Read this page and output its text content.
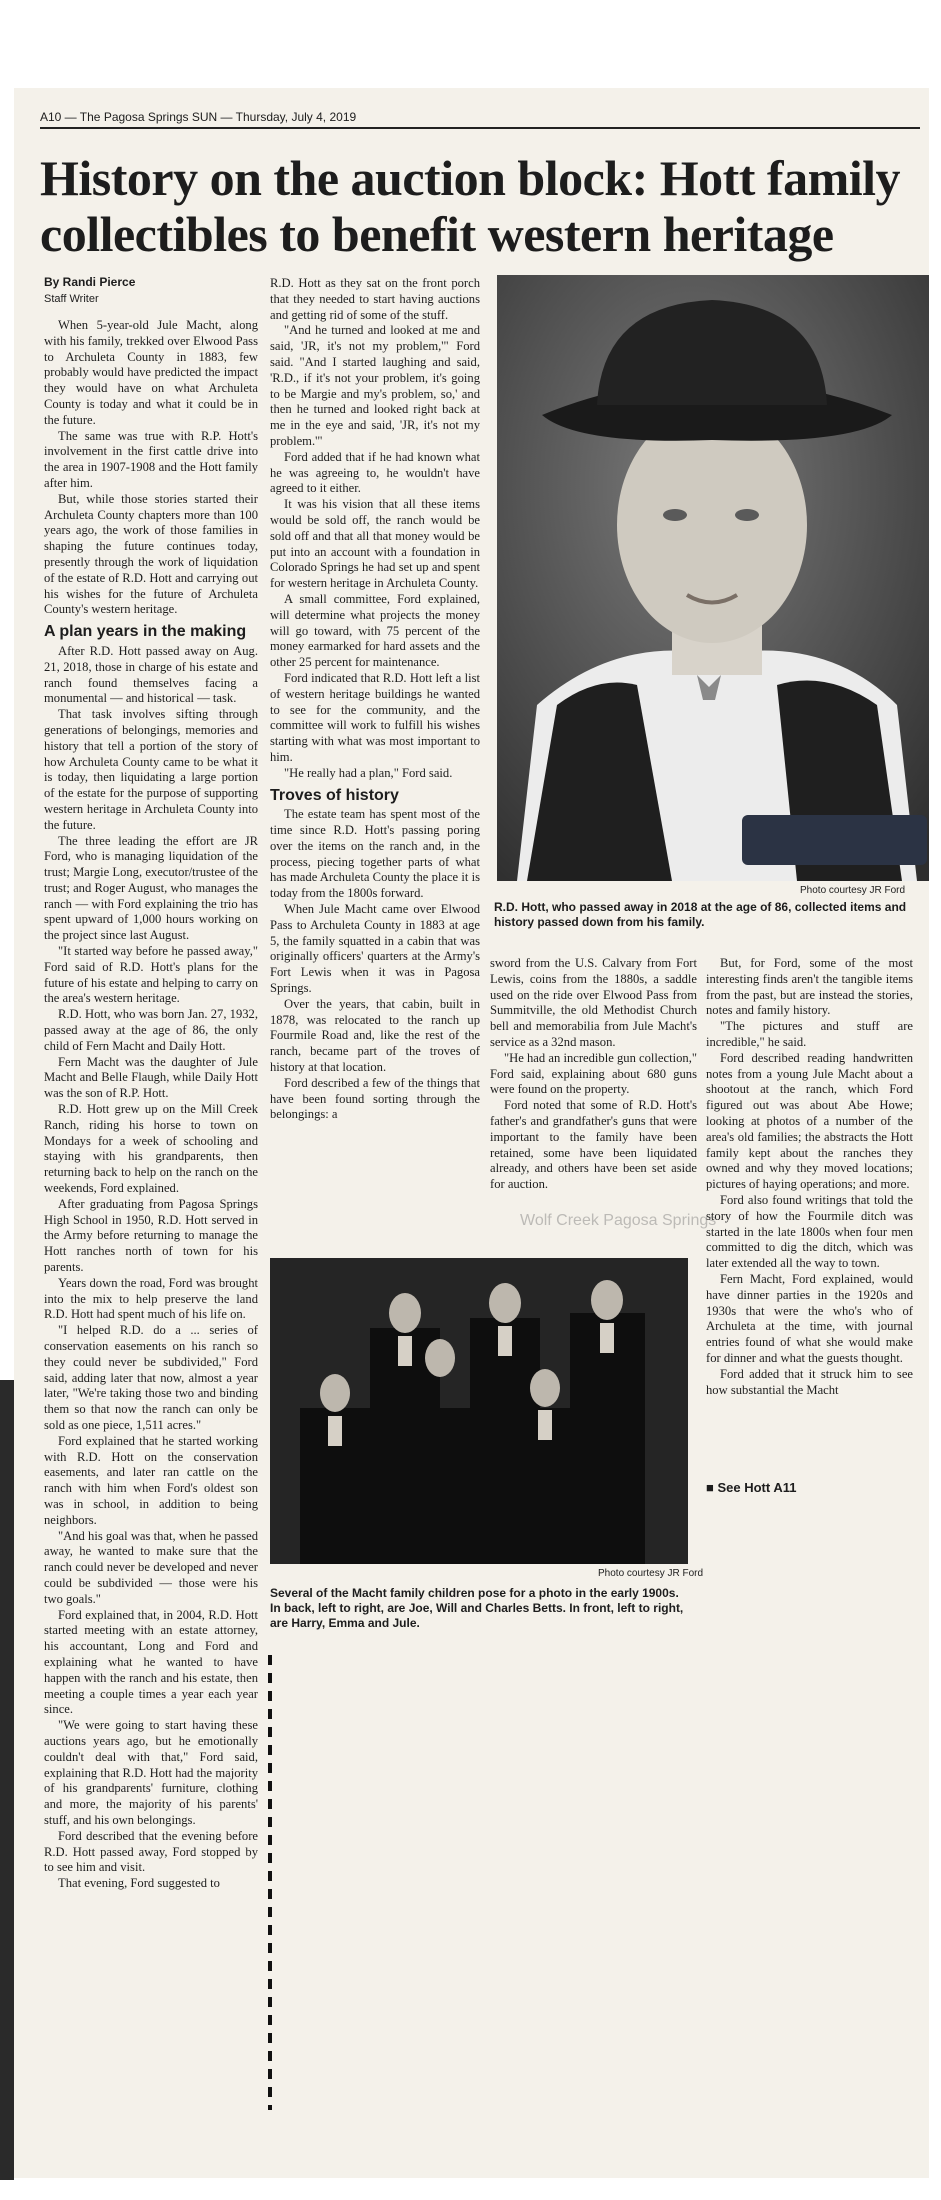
A10 — The Pagosa Springs SUN — Thursday, July 4, 2019
History on the auction block: Hott family collectibles to benefit western heritage
By Randi Pierce
Staff Writer

When 5-year-old Jule Macht, along with his family, trekked over Elwood Pass to Archuleta County in 1883, few probably would have predicted the impact they would have on what Archuleta County is today and what it could be in the future.

The same was true with R.P. Hott's involvement in the first cattle drive into the area in 1907-1908 and the Hott family after him.

But, while those stories started their Archuleta County chapters more than 100 years ago, the work of those families in shaping the future continues today, presently through the work of liquidation of the estate of R.D. Hott and carrying out his wishes for the future of Archuleta County's western heritage.

A plan years in the making

After R.D. Hott passed away on Aug. 21, 2018, those in charge of his estate and ranch found themselves facing a monumental — and historical — task.

That task involves sifting through generations of belongings, memories and history that tell a portion of the story of how Archuleta County came to be what it is today, then liquidating a large portion of the estate for the purpose of supporting western heritage in Archuleta County into the future.

The three leading the effort are JR Ford, who is managing liquidation of the trust; Margie Long, executor/trustee of the trust; and Roger August, who manages the ranch — with Ford explaining the trio has spent upward of 1,000 hours working on the project since last August.

"It started way before he passed away," Ford said of R.D. Hott's plans for the future of his estate and helping to carry on the area's western heritage.

R.D. Hott, who was born Jan. 27, 1932, passed away at the age of 86, the only child of Fern Macht and Daily Hott.

Fern Macht was the daughter of Jule Macht and Belle Flaugh, while Daily Hott was the son of R.P. Hott.

R.D. Hott grew up on the Mill Creek Ranch, riding his horse to town on Mondays for a week of schooling and staying with his grandparents, then returning back to help on the ranch on the weekends, Ford explained.

After graduating from Pagosa Springs High School in 1950, R.D. Hott served in the Army before returning to manage the Hott ranches north of town for his parents.

Years down the road, Ford was brought into the mix to help preserve the land R.D. Hott had spent much of his life on.

"I helped R.D. do a ... series of conservation easements on his ranch so they could never be subdivided," Ford said, adding later that now, almost a year later, "We're taking those two and binding them so that now the ranch can only be sold as one piece, 1,511 acres."

Ford explained that he started working with R.D. Hott on the conservation easements, and later ran cattle on the ranch with him when Ford's oldest son was in school, in addition to being neighbors.

"And his goal was that, when he passed away, he wanted to make sure that the ranch could never be developed and never could be subdivided — those were his two goals."

Ford explained that, in 2004, R.D. Hott started meeting with an estate attorney, his accountant, Long and Ford and explaining what he wanted to have happen with the ranch and his estate, then meeting a couple times a year each year since.

"We were going to start having these auctions years ago, but he emotionally couldn't deal with that," Ford said, explaining that R.D. Hott had the majority of his grandparents' furniture, clothing and more, the majority of his parents' stuff, and his own belongings.

Ford described that the evening before R.D. Hott passed away, Ford stopped by to see him and visit.

That evening, Ford suggested to

R.D. Hott as they sat on the front porch that they needed to start having auctions and getting rid of some of the stuff.

"And he turned and looked at me and said, 'JR, it's not my problem,'" Ford said. "And I started laughing and said, 'R.D., if it's not your problem, it's going to be Margie and my's problem, so,' and then he turned and looked right back at me in the eye and said, 'JR, it's not my problem.'"

Ford added that if he had known what he was agreeing to, he wouldn't have agreed to it either.

It was his vision that all these items would be sold off, the ranch would be sold off and that all that money would be put into an account with a foundation in Colorado Springs he had set up and spent for western heritage in Archuleta County.

A small committee, Ford explained, will determine what projects the money will go toward, with 75 percent of the money earmarked for hard assets and the other 25 percent for maintenance.

Ford indicated that R.D. Hott left a list of western heritage buildings he wanted to see for the community, and the committee will work to fulfill his wishes starting with what was most important to him.

"He really had a plan," Ford said.

Troves of history

The estate team has spent most of the time since R.D. Hott's passing poring over the items on the ranch and, in the process, piecing together parts of what has made Archuleta County the place it is today from the 1800s forward.

When Jule Macht came over Elwood Pass to Archuleta County in 1883 at age 5, the family squatted in a cabin that was originally officers' quarters at the Army's Fort Lewis when it was in Pagosa Springs.

Over the years, that cabin, built in 1878, was relocated to the ranch up Fourmile Road and, like the rest of the ranch, became part of the troves of history at that location.

Ford described a few of the things that have been found sorting through the belongings: a

Photo courtesy JR Ford
R.D. Hott, who passed away in 2018 at the age of 86, collected items and history passed down from his family.

sword from the U.S. Calvary from Fort Lewis, coins from the 1880s, a saddle used on the ride over Elwood Pass from Summitville, the old Methodist Church bell and memorabilia from Jule Macht's service as a 32nd mason.

"He had an incredible gun collection," Ford said, explaining about 680 guns were found on the property.

Ford noted that some of R.D. Hott's father's and grandfather's guns that were important to the family have been retained, some have been liquidated already, and others have been set aside for auction.

But, for Ford, some of the most interesting finds aren't the tangible items from the past, but are instead the stories, notes and family history.

"The pictures and stuff are incredible," he said.

Ford described reading handwritten notes from a young Jule Macht about a shootout at the ranch, which Ford figured out was about Abe Howe; looking at photos of a number of the area's old families; the abstracts the Hott family kept about the ranches they owned and why they moved locations; pictures of haying operations; and more.

Ford also found writings that told the story of how the Fourmile ditch was started in the late 1800s when four men committed to dig the ditch, which was later extended all the way to town.

Fern Macht, Ford explained, would have dinner parties in the 1920s and 1930s that were the who's who of Archuleta at the time, with journal entries found of what she would make for dinner and what the guests thought.

Ford added that it struck him to see how substantial the Macht

■ See Hott A11
Photo courtesy JR Ford
Several of the Macht family children pose for a photo in the early 1900s. In back, left to right, are Joe, Will and Charles Betts. In front, left to right, are Harry, Emma and Jule.
Wolf Creek Pagosa Springs
